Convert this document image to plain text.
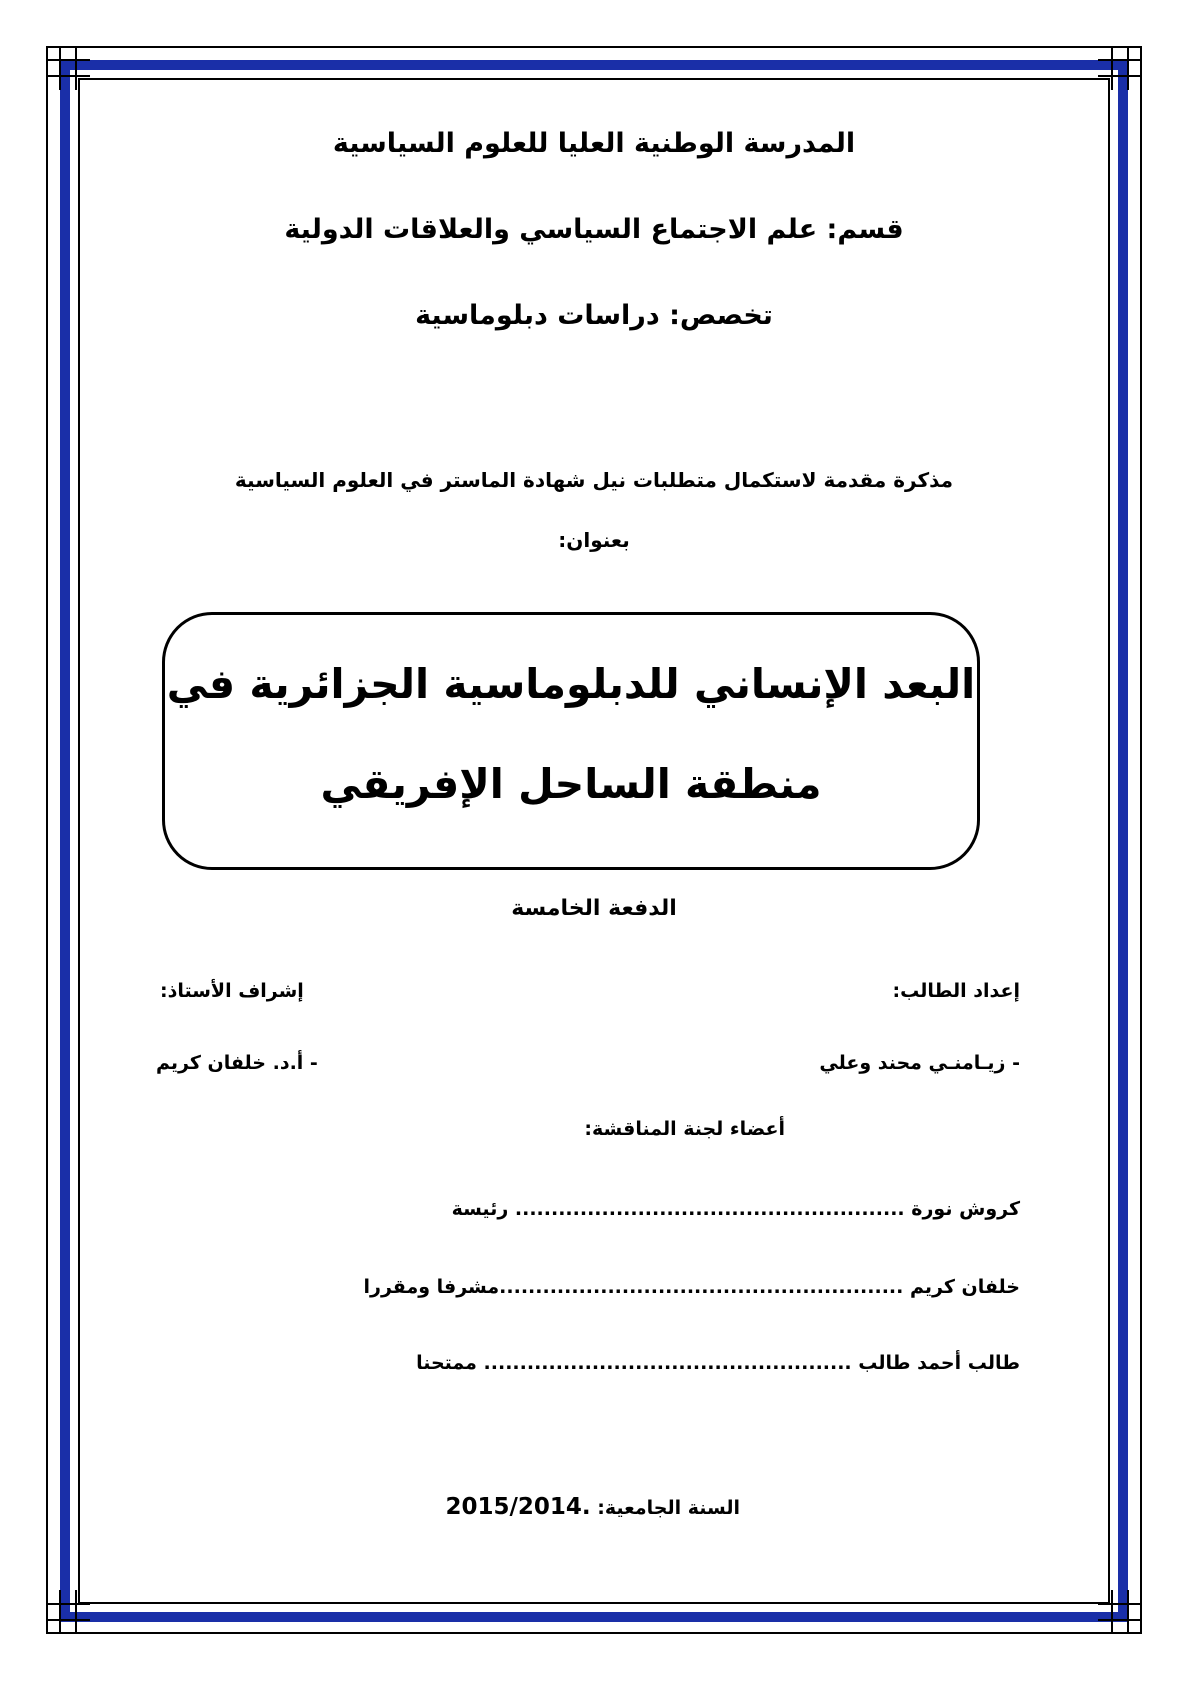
المدرسة الوطنية العليا للعلوم السياسية
قسم: علم الاجتماع السياسي والعلاقات الدولية
تخصص: دراسات دبلوماسية
مذكرة مقدمة لاستكمال متطلبات نيل شهادة الماستر في العلوم السياسية
بعنوان:
البعد الإنساني للدبلوماسية الجزائرية في
منطقة الساحل الإفريقي
الدفعة الخامسة
إعداد الطالب:
إشراف الأستاذ:
- زيـامنـي محند وعلي
- أ.د. خلفان كريم
أعضاء لجنة المناقشة:
كروش نورة ...................................................... رئيسة
خلفان كريم ........................................................مشرفا ومقررا
طالب أحمد طالب ................................................... ممتحنا
السنة الجامعية: 2015/2014.
